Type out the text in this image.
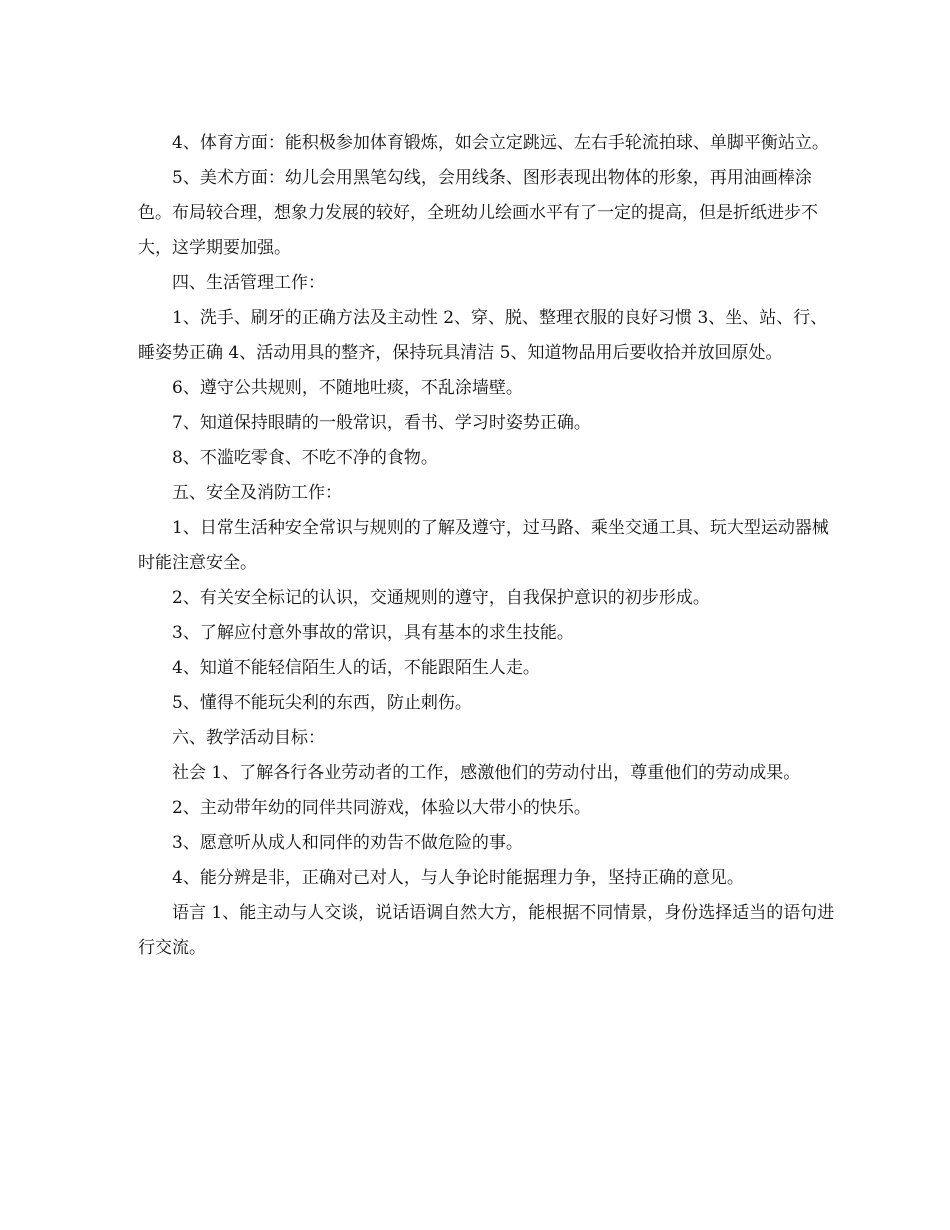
4、体育方面：能积极参加体育锻炼，如会立定跳远、左右手轮流拍球、单脚平衡站立。

5、美术方面：幼儿会用黑笔勾线，会用线条、图形表现出物体的形象，再用油画棒涂色。布局较合理，想象力发展的较好，全班幼儿绘画水平有了一定的提高，但是折纸进步不大，这学期要加强。

四、生活管理工作：

1、洗手、刷牙的正确方法及主动性 2、穿、脱、整理衣服的良好习惯 3、坐、站、行、睡姿势正确 4、活动用具的整齐，保持玩具清洁 5、知道物品用后要收拾并放回原处。

6、遵守公共规则，不随地吐痰，不乱涂墙壁。

7、知道保持眼睛的一般常识，看书、学习时姿势正确。

8、不滥吃零食、不吃不净的食物。

五、安全及消防工作：

1、日常生活种安全常识与规则的了解及遵守，过马路、乘坐交通工具、玩大型运动器械时能注意安全。

2、有关安全标记的认识，交通规则的遵守，自我保护意识的初步形成。

3、了解应付意外事故的常识，具有基本的求生技能。

4、知道不能轻信陌生人的话，不能跟陌生人走。

5、懂得不能玩尖利的东西，防止刺伤。

六、教学活动目标：

社会 1、了解各行各业劳动者的工作，感激他们的劳动付出，尊重他们的劳动成果。

2、主动带年幼的同伴共同游戏，体验以大带小的快乐。

3、愿意听从成人和同伴的劝告不做危险的事。

4、能分辨是非，正确对己对人，与人争论时能据理力争，坚持正确的意见。

语言 1、能主动与人交谈，说话语调自然大方，能根据不同情景，身份选择适当的语句进行交流。
